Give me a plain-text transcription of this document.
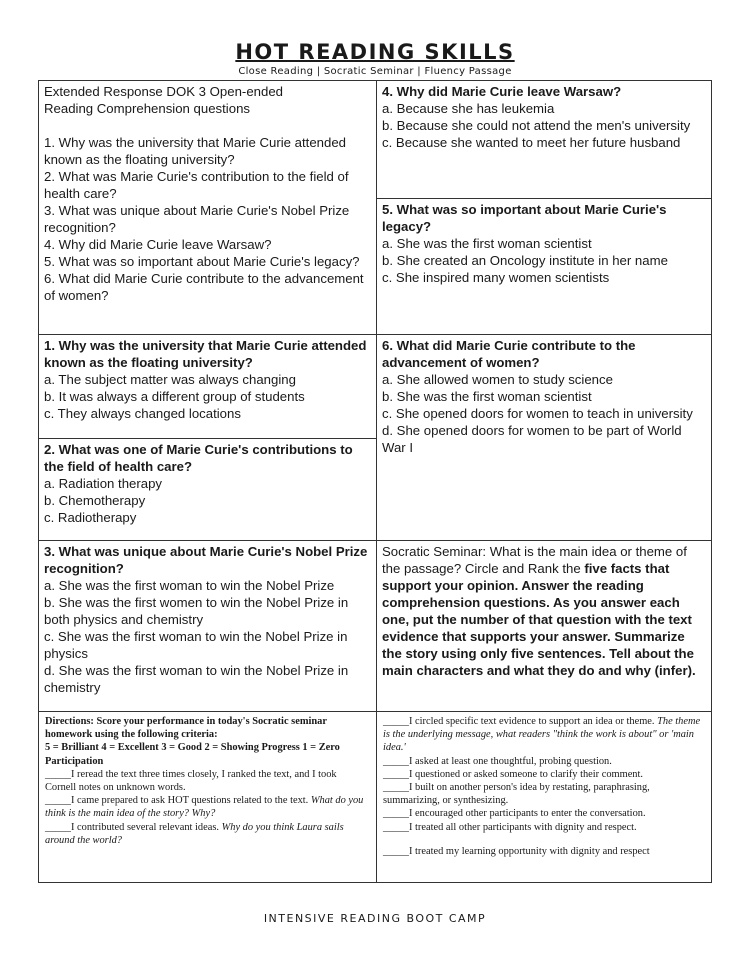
HOT READING SKILLS
Close Reading | Socratic Seminar | Fluency Passage

Extended Response DOK 3 Open-ended

Reading Comprehension questions

1. Why was the university that Marie Curie attended known as the floating university?

2. What was Marie Curie's contribution to the field of health care?

3. What was unique about Marie Curie's Nobel Prize recognition?

4. Why did Marie Curie leave Warsaw?

5. What was so important about Marie Curie's legacy?

6. What did Marie Curie contribute to the advancement of women?

4. Why did Marie Curie leave Warsaw?

a. Because she has leukemia

b. Because she could not attend the men's university

c. Because she wanted to meet her future husband

5. What was so important about Marie Curie's legacy?

a. She was the first woman scientist

b. She created an Oncology institute in her name

c. She inspired many women scientists

1. Why was the university that Marie Curie attended known as the floating university?

a. The subject matter was always changing

b. It was always a different group of students

c. They always changed locations

6. What did Marie Curie contribute to the advancement of women?

a. She allowed women to study science

b. She was the first woman scientist

c. She opened doors for women to teach in university

d. She opened doors for women to be part of World War I

2. What was one of Marie Curie's contributions to the field of health care?

a. Radiation therapy

b. Chemotherapy

c. Radiotherapy

3. What was unique about Marie Curie's Nobel Prize recognition?

a. She was the first woman to win the Nobel Prize

b. She was the first women to win the Nobel Prize in both physics and chemistry

c. She was the first woman to win the Nobel Prize in physics

d. She was the first woman to win the Nobel Prize in chemistry

Socratic Seminar: What is the main idea or theme of the passage? Circle and Rank the five facts that support your opinion. Answer the reading comprehension questions. As you answer each one, put the number of that question with the text evidence that supports your answer. Summarize the story using only five sentences. Tell about the main characters and what they do and why (infer).

Directions: Score your performance in today's Socratic seminar homework using the following criteria:

5 = Brilliant 4 = Excellent 3 = Good 2 = Showing Progress 1 = Zero Participation

_____I reread the text three times closely, I ranked the text, and I took Cornell notes on unknown words.

_____I came prepared to ask HOT questions related to the text. What do you think is the main idea of the story? Why?

_____I contributed several relevant ideas. Why do you think Laura sails around the world?

_____I circled specific text evidence to support an idea or theme. The theme is the underlying message, what readers "think the work is about" or 'main idea.'

_____I asked at least one thoughtful, probing question.

_____I questioned or asked someone to clarify their comment.

_____I built on another person's idea by restating, paraphrasing, summarizing, or synthesizing.

_____I encouraged other participants to enter the conversation.

_____I treated all other participants with dignity and respect.

_____I treated my learning opportunity with dignity and respect

INTENSIVE READING BOOT CAMP
